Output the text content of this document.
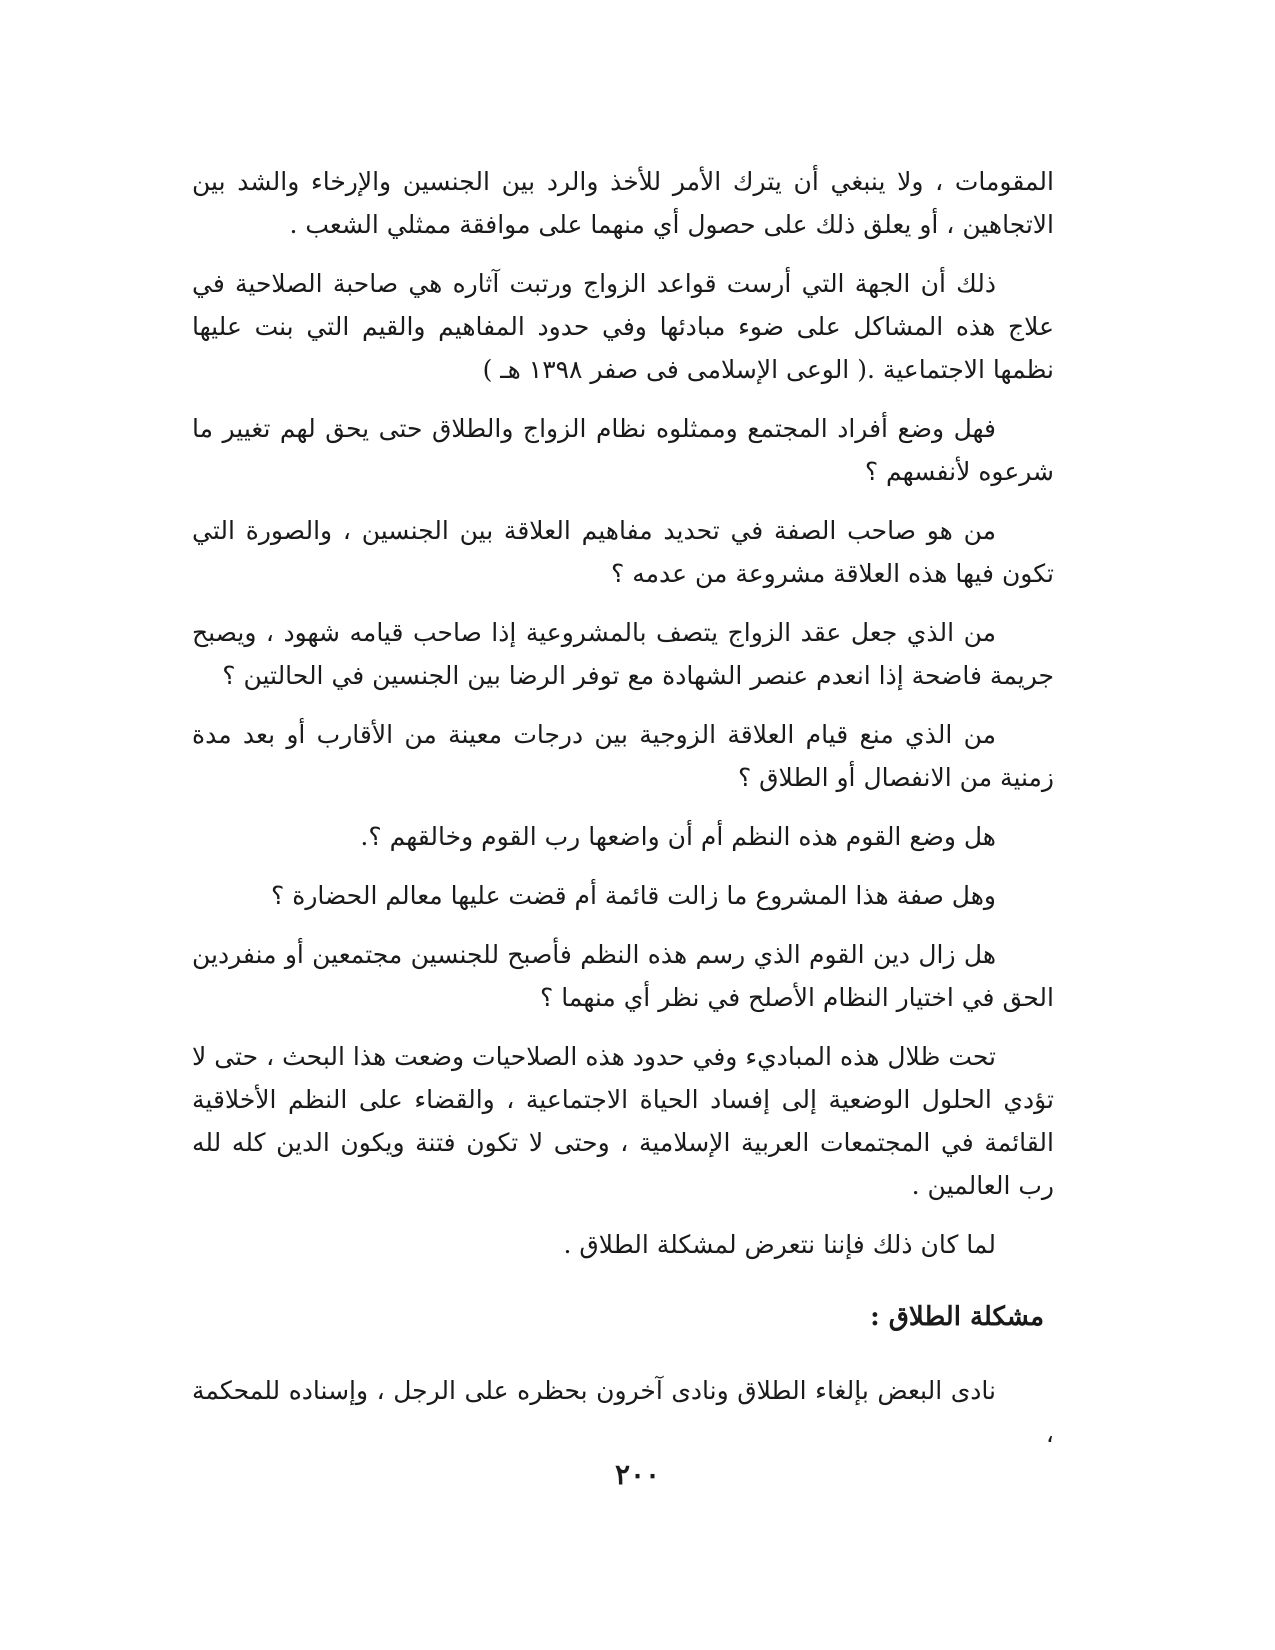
المقومات ، ولا ينبغي أن يترك الأمر للأخذ والرد بين الجنسين والإرخاء والشد بين الاتجاهين ، أو يعلق ذلك على حصول أي منهما على موافقة ممثلي الشعب .

ذلك أن الجهة التي أرست قواعد الزواج ورتبت آثاره هي صاحبة الصلاحية في علاج هذه المشاكل على ضوء مبادئها وفي حدود المفاهيم والقيم التي بنت عليها نظمها الاجتماعية .( الوعى الإسلامى فى صفر ١٣٩٨ هـ )

فهل وضع أفراد المجتمع وممثلوه نظام الزواج والطلاق حتى يحق لهم تغيير ما شرعوه لأنفسهم ؟

من هو صاحب الصفة في تحديد مفاهيم العلاقة بين الجنسين ، والصورة التي تكون فيها هذه العلاقة مشروعة من عدمه ؟

من الذي جعل عقد الزواج يتصف بالمشروعية إذا صاحب قيامه شهود ، ويصبح جريمة فاضحة إذا انعدم عنصر الشهادة مع توفر الرضا بين الجنسين في الحالتين ؟

من الذي منع قيام العلاقة الزوجية بين درجات معينة من الأقارب أو بعد مدة زمنية من الانفصال أو الطلاق ؟

هل وضع القوم هذه النظم أم أن واضعها رب القوم وخالقهم ؟.

وهل صفة هذا المشروع ما زالت قائمة أم قضت عليها معالم الحضارة ؟

هل زال دين القوم الذي رسم هذه النظم فأصبح للجنسين مجتمعين أو منفردين الحق في اختيار النظام الأصلح في نظر أي منهما ؟

تحت ظلال هذه المباديء وفي حدود هذه الصلاحيات وضعت هذا البحث ، حتى لا تؤدي الحلول الوضعية إلى إفساد الحياة الاجتماعية ، والقضاء على النظم الأخلاقية القائمة في المجتمعات العربية الإسلامية ، وحتى لا تكون فتنة ويكون الدين كله لله رب العالمين .

لما كان ذلك فإننا نتعرض لمشكلة الطلاق .

مشكلة الطلاق :

نادى البعض بإلغاء الطلاق ونادى آخرون بحظره على الرجل ، وإسناده للمحكمة ،

٢٠٠
